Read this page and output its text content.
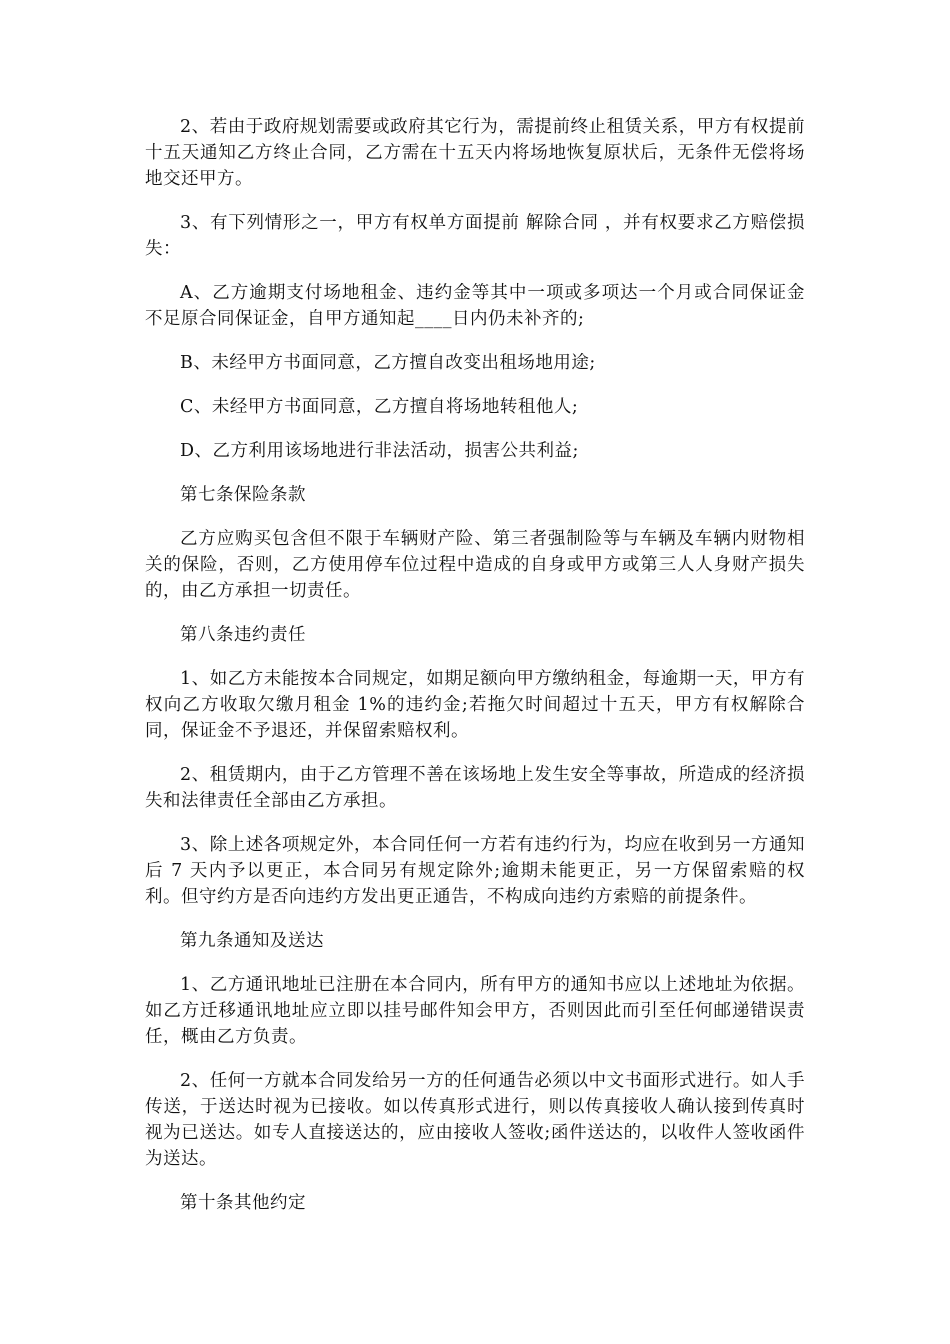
2、若由于政府规划需要或政府其它行为，需提前终止租赁关系，甲方有权提前十五天通知乙方终止合同，乙方需在十五天内将场地恢复原状后，无条件无偿将场地交还甲方。

3、有下列情形之一，甲方有权单方面提前 解除合同 ，并有权要求乙方赔偿损失：

A、乙方逾期支付场地租金、违约金等其中一项或多项达一个月或合同保证金不足原合同保证金，自甲方通知起____日内仍未补齐的;

B、未经甲方书面同意，乙方擅自改变出租场地用途;

C、未经甲方书面同意，乙方擅自将场地转租他人;

D、乙方利用该场地进行非法活动，损害公共利益;

第七条保险条款

乙方应购买包含但不限于车辆财产险、第三者强制险等与车辆及车辆内财物相关的保险，否则，乙方使用停车位过程中造成的自身或甲方或第三人人身财产损失的，由乙方承担一切责任。

第八条违约责任

1、如乙方未能按本合同规定，如期足额向甲方缴纳租金，每逾期一天，甲方有权向乙方收取欠缴月租金 1%的违约金;若拖欠时间超过十五天，甲方有权解除合同，保证金不予退还，并保留索赔权利。

2、租赁期内，由于乙方管理不善在该场地上发生安全等事故，所造成的经济损失和法律责任全部由乙方承担。

3、除上述各项规定外，本合同任何一方若有违约行为，均应在收到另一方通知后 7 天内予以更正，本合同另有规定除外;逾期未能更正，另一方保留索赔的权利。但守约方是否向违约方发出更正通告，不构成向违约方索赔的前提条件。

第九条通知及送达

1、乙方通讯地址已注册在本合同内，所有甲方的通知书应以上述地址为依据。如乙方迁移通讯地址应立即以挂号邮件知会甲方，否则因此而引至任何邮递错误责任，概由乙方负责。

2、任何一方就本合同发给另一方的任何通告必须以中文书面形式进行。如人手传送，于送达时视为已接收。如以传真形式进行，则以传真接收人确认接到传真时视为已送达。如专人直接送达的，应由接收人签收;函件送达的，以收件人签收函件为送达。

第十条其他约定
